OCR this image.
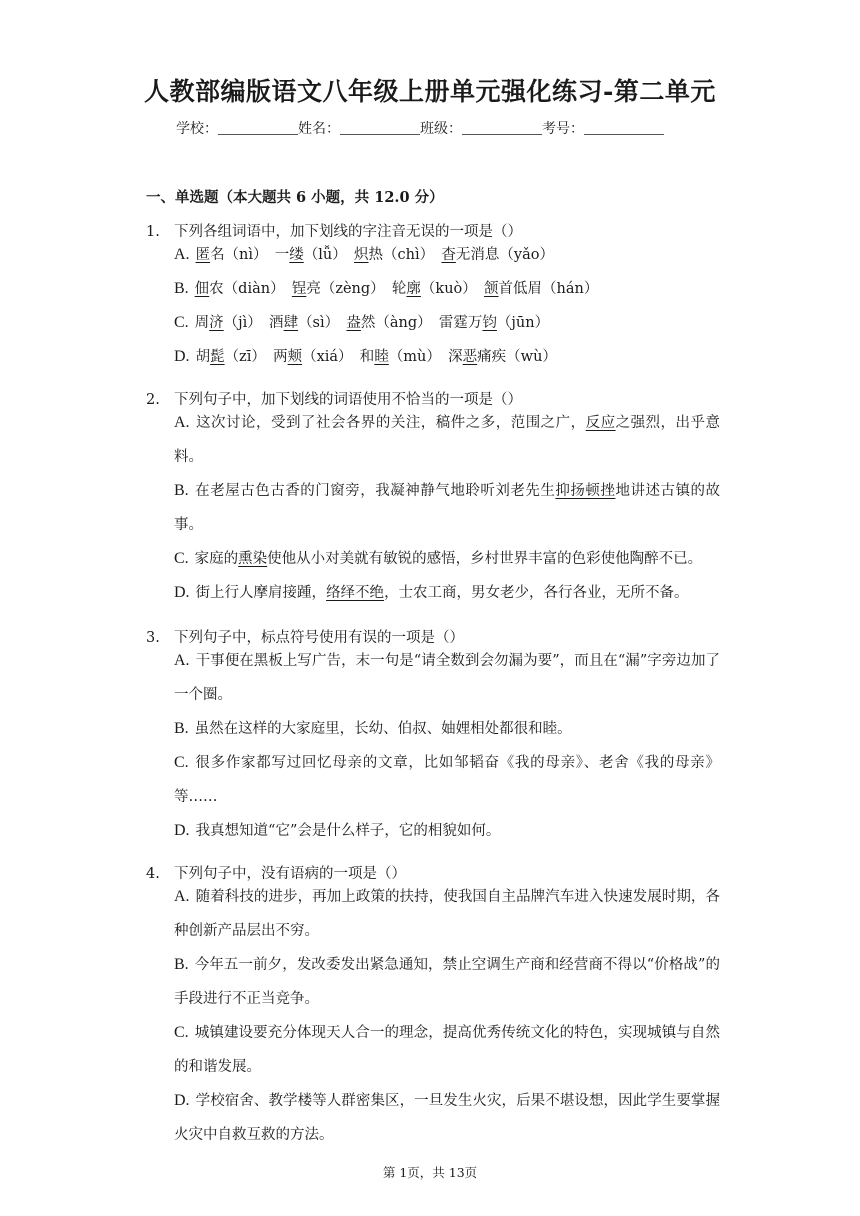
人教部编版语文八年级上册单元强化练习-第二单元
学校：	姓名：	班级：	考号：
一、单选题（本大题共 6 小题，共 12.0 分）
1. 下列各组词语中，加下划线的字注音无误的一项是（）
A. 匿名（nì）　一缕（lǚ）　炽热（chì）　杳无消息（yǎo）
B. 佃农（diàn）　锃亮（zèng）　轮廓（kuò）　颔首低眉（hán）
C. 周济（jì）　酒肆（sì）　盎然（àng）　雷霆万钧（jūn）
D. 胡髭（zī）　两颊（xiá）　和睦（mù）　深恶痛疾（wù）
2. 下列句子中，加下划线的词语使用不恰当的一项是（）
A. 这次讨论，受到了社会各界的关注，稿件之多，范围之广，反应之强烈，出乎意料。
B. 在老屋古色古香的门窗旁，我凝神静气地聆听刘老先生抑扬顿挫地讲述古镇的故事。
C. 家庭的熏染使他从小对美就有敏锐的感悟，乡村世界丰富的色彩使他陶醉不已。
D. 街上行人摩肩接踵，络绎不绝，士农工商，男女老少，各行各业，无所不备。
3. 下列句子中，标点符号使用有误的一项是（）
A. 干事便在黑板上写广告，末一句是“请全数到会勿漏为要”，而且在“漏”字旁边加了一个圈。
B. 虽然在这样的大家庭里，长幼、伯叔、妯娌相处都很和睦。
C. 很多作家都写过回忆母亲的文章，比如邹韬奋《我的母亲》、老舍《我的母亲》等……
D. 我真想知道“它”会是什么样子，它的相貌如何。
4. 下列句子中，没有语病的一项是（）
A. 随着科技的进步，再加上政策的扶持，使我国自主品牌汽车进入快速发展时期，各种创新产品层出不穷。
B. 今年五一前夕，发改委发出紧急通知，禁止空调生产商和经营商不得以“价格战”的手段进行不正当竞争。
C. 城镇建设要充分体现天人合一的理念，提高优秀传统文化的特色，实现城镇与自然的和谐发展。
D. 学校宿舍、教学楼等人群密集区，一旦发生火灾，后果不堪设想，因此学生要掌握火灾中自救互救的方法。
第 1页，共 13页
